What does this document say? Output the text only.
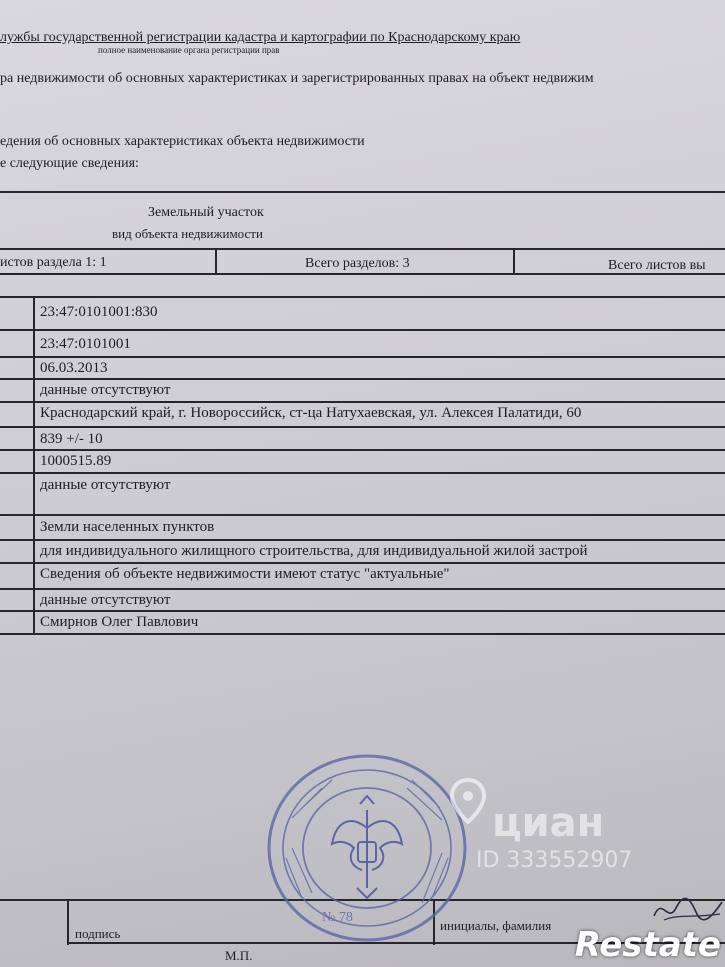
лужбы государственной регистрации кадастра и картографии по Краснодарскому краю
полное наименование органа регистрации прав
ра недвижимости об основных характеристиках и зарегистрированных правах на объект недвижим
едения об основных характеристиках объекта недвижимости
е следующие сведения:
Земельный участок
вид объекта недвижимости
истов раздела 1: 1	Всего разделов: 3	Всего листов вы
23:47:0101001:830
23:47:0101001
06.03.2013
данные отсутствуют
Краснодарский край, г. Новороссийск, ст-ца Натухаевская, ул. Алексея Палатиди, 60
839 +/- 10
1000515.89
данные отсутствуют
Земли населенных пунктов
для индивидуального жилищного строительства, для индивидуальной жилой застрой
Сведения об объекте недвижимости имеют статус "актуальные"
данные отсутствуют
Смирнов Олег Павлович
подпись
инициалы, фамилия
М.П.
№ 78
циан
ID 333552907
Restate
